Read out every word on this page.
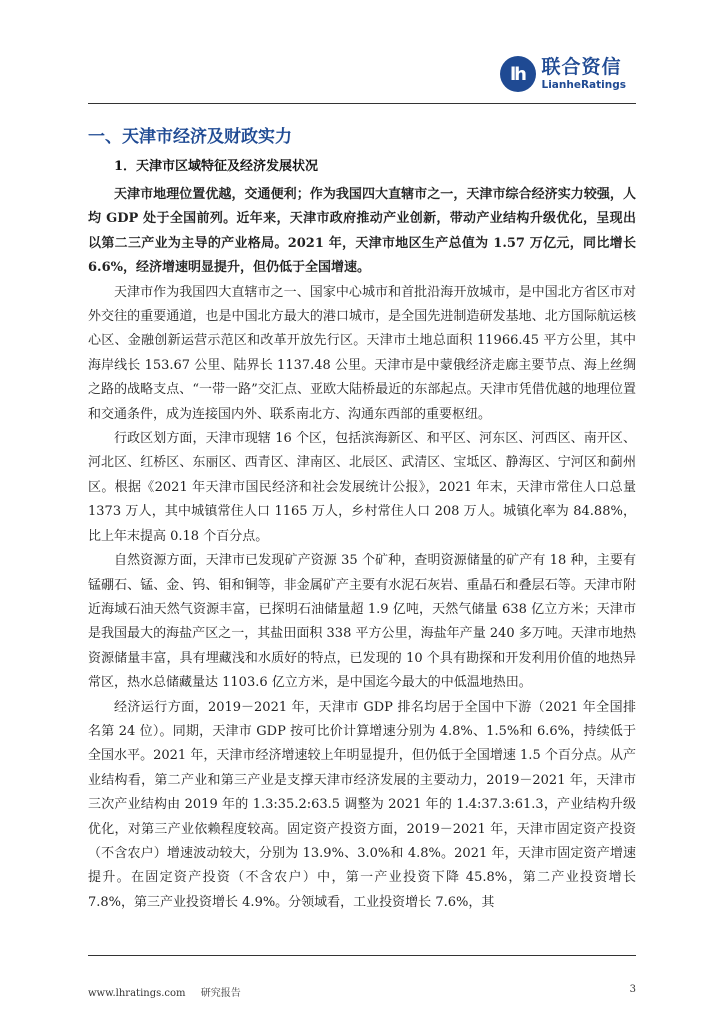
lh 联合资信
LianheRatings
一、天津市经济及财政实力
1．天津市区域特征及经济发展状况

天津市地理位置优越，交通便利；作为我国四大直辖市之一，天津市综合经济实力较强，人均 GDP 处于全国前列。近年来，天津市政府推动产业创新，带动产业结构升级优化，呈现出以第二三产业为主导的产业格局。2021 年，天津市地区生产总值为 1.57 万亿元，同比增长 6.6%，经济增速明显提升，但仍低于全国增速。

天津市作为我国四大直辖市之一、国家中心城市和首批沿海开放城市，是中国北方省区市对外交往的重要通道，也是中国北方最大的港口城市，是全国先进制造研发基地、北方国际航运核心区、金融创新运营示范区和改革开放先行区。天津市土地总面积 11966.45 平方公里，其中海岸线长 153.67 公里、陆界长 1137.48 公里。天津市是中蒙俄经济走廊主要节点、海上丝绸之路的战略支点、“一带一路”交汇点、亚欧大陆桥最近的东部起点。天津市凭借优越的地理位置和交通条件，成为连接国内外、联系南北方、沟通东西部的重要枢纽。

行政区划方面，天津市现辖 16 个区，包括滨海新区、和平区、河东区、河西区、南开区、河北区、红桥区、东丽区、西青区、津南区、北辰区、武清区、宝坻区、静海区、宁河区和蓟州区。根据《2021 年天津市国民经济和社会发展统计公报》，2021 年末，天津市常住人口总量 1373 万人，其中城镇常住人口 1165 万人，乡村常住人口 208 万人。城镇化率为 84.88%，比上年末提高 0.18 个百分点。

自然资源方面，天津市已发现矿产资源 35 个矿种，查明资源储量的矿产有 18 种，主要有锰硼石、锰、金、钨、钼和铜等，非金属矿产主要有水泥石灰岩、重晶石和叠层石等。天津市附近海域石油天然气资源丰富，已探明石油储量超 1.9 亿吨，天然气储量 638 亿立方米；天津市是我国最大的海盐产区之一，其盐田面积 338 平方公里，海盐年产量 240 多万吨。天津市地热资源储量丰富，具有埋藏浅和水质好的特点，已发现的 10 个具有勘探和开发利用价值的地热异常区，热水总储藏量达 1103.6 亿立方米，是中国迄今最大的中低温地热田。

经济运行方面，2019－2021 年，天津市 GDP 排名均居于全国中下游（2021 年全国排名第 24 位）。同期，天津市 GDP 按可比价计算增速分别为 4.8%、1.5%和 6.6%，持续低于全国水平。2021 年，天津市经济增速较上年明显提升，但仍低于全国增速 1.5 个百分点。从产业结构看，第二产业和第三产业是支撑天津市经济发展的主要动力，2019－2021 年，天津市三次产业结构由 2019 年的 1.3:35.2:63.5 调整为 2021 年的 1.4:37.3:61.3，产业结构升级优化，对第三产业依赖程度较高。固定资产投资方面，2019－2021 年，天津市固定资产投资（不含农户）增速波动较大，分别为 13.9%、3.0%和 4.8%。2021 年，天津市固定资产增速提升。在固定资产投资（不含农户）中，第一产业投资下降 45.8%，第二产业投资增长 7.8%，第三产业投资增长 4.9%。分领域看，工业投资增长 7.6%，其

www.lhratings.com 研究报告	3
